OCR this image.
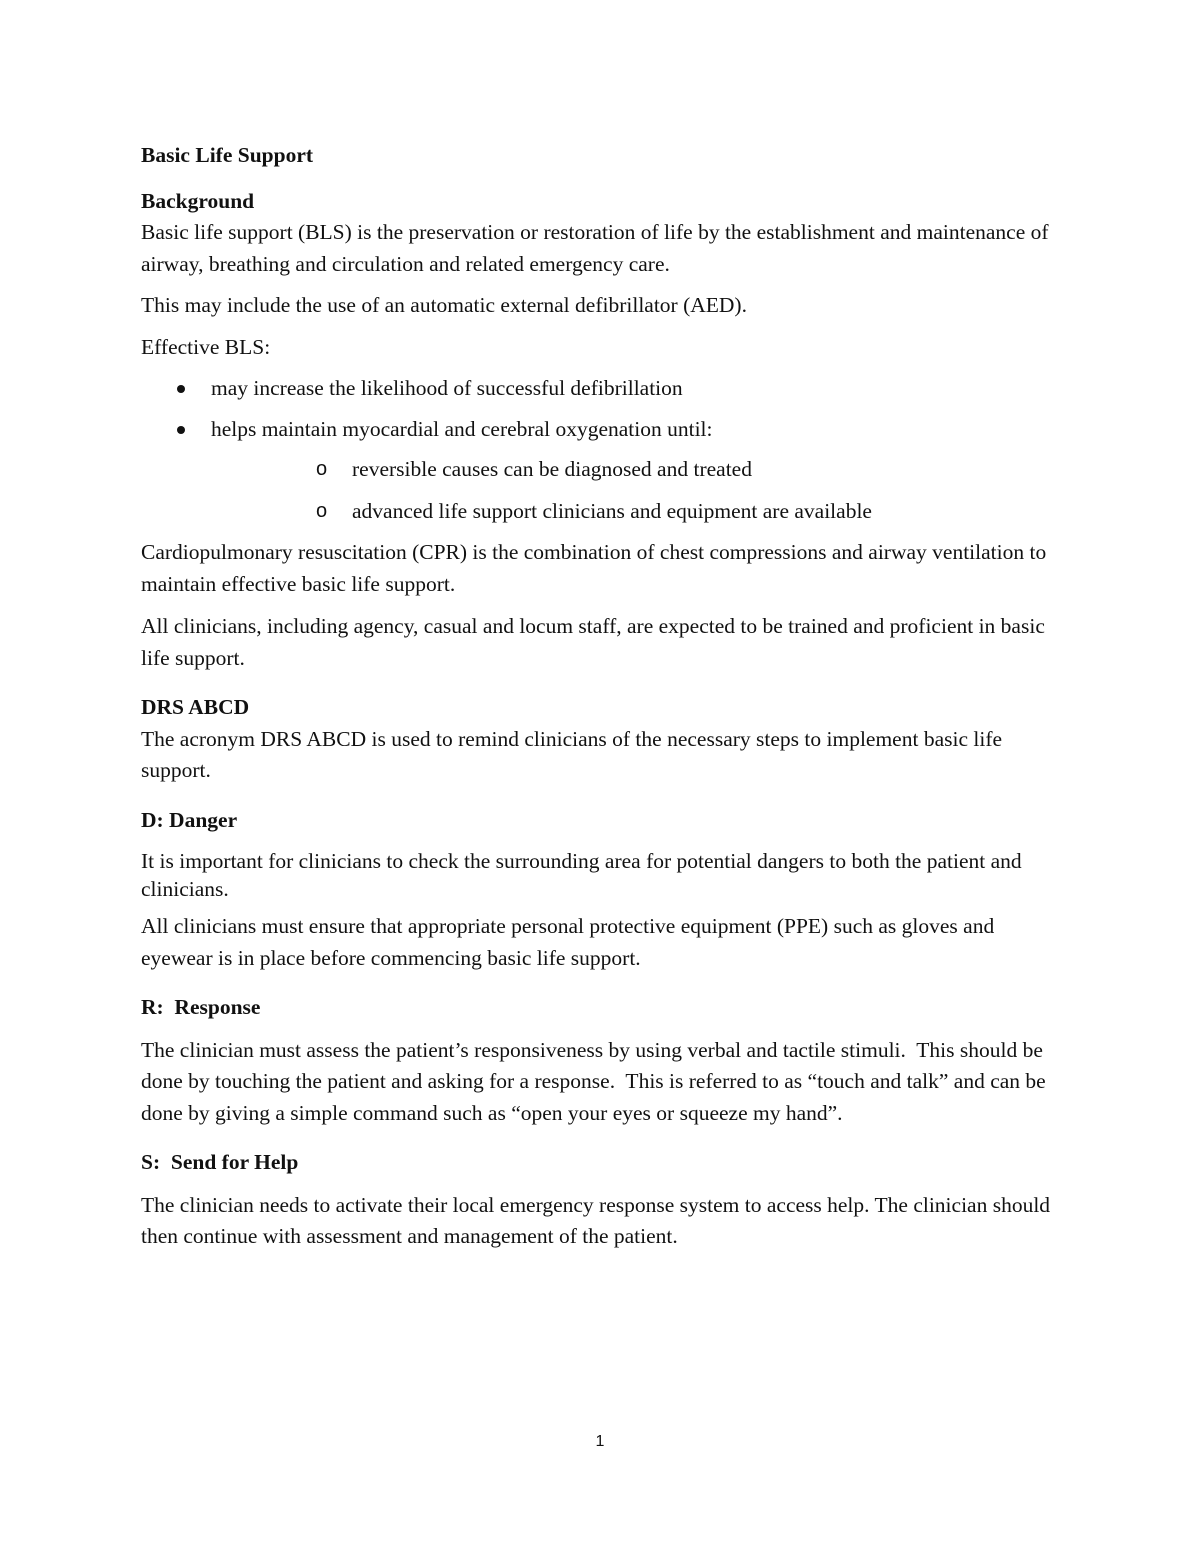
Basic Life Support

Background

Basic life support (BLS) is the preservation or restoration of life by the establishment and maintenance of airway, breathing and circulation and related emergency care.

This may include the use of an automatic external defibrillator (AED).

Effective BLS:

may increase the likelihood of successful defibrillation
helps maintain myocardial and cerebral oxygenation until:
o reversible causes can be diagnosed and treated
o advanced life support clinicians and equipment are available

Cardiopulmonary resuscitation (CPR) is the combination of chest compressions and airway ventilation to maintain effective basic life support.

All clinicians, including agency, casual and locum staff, are expected to be trained and proficient in basic life support.

DRS ABCD

The acronym DRS ABCD is used to remind clinicians of the necessary steps to implement basic life support.

D: Danger

It is important for clinicians to check the surrounding area for potential dangers to both the patient and clinicians.

All clinicians must ensure that appropriate personal protective equipment (PPE) such as gloves and eyewear is in place before commencing basic life support.

R:  Response

The clinician must assess the patient’s responsiveness by using verbal and tactile stimuli.  This should be done by touching the patient and asking for a response.  This is referred to as “touch and talk” and can be done by giving a simple command such as “open your eyes or squeeze my hand”.

S:  Send for Help

The clinician needs to activate their local emergency response system to access help. The clinician should then continue with assessment and management of the patient.

1
